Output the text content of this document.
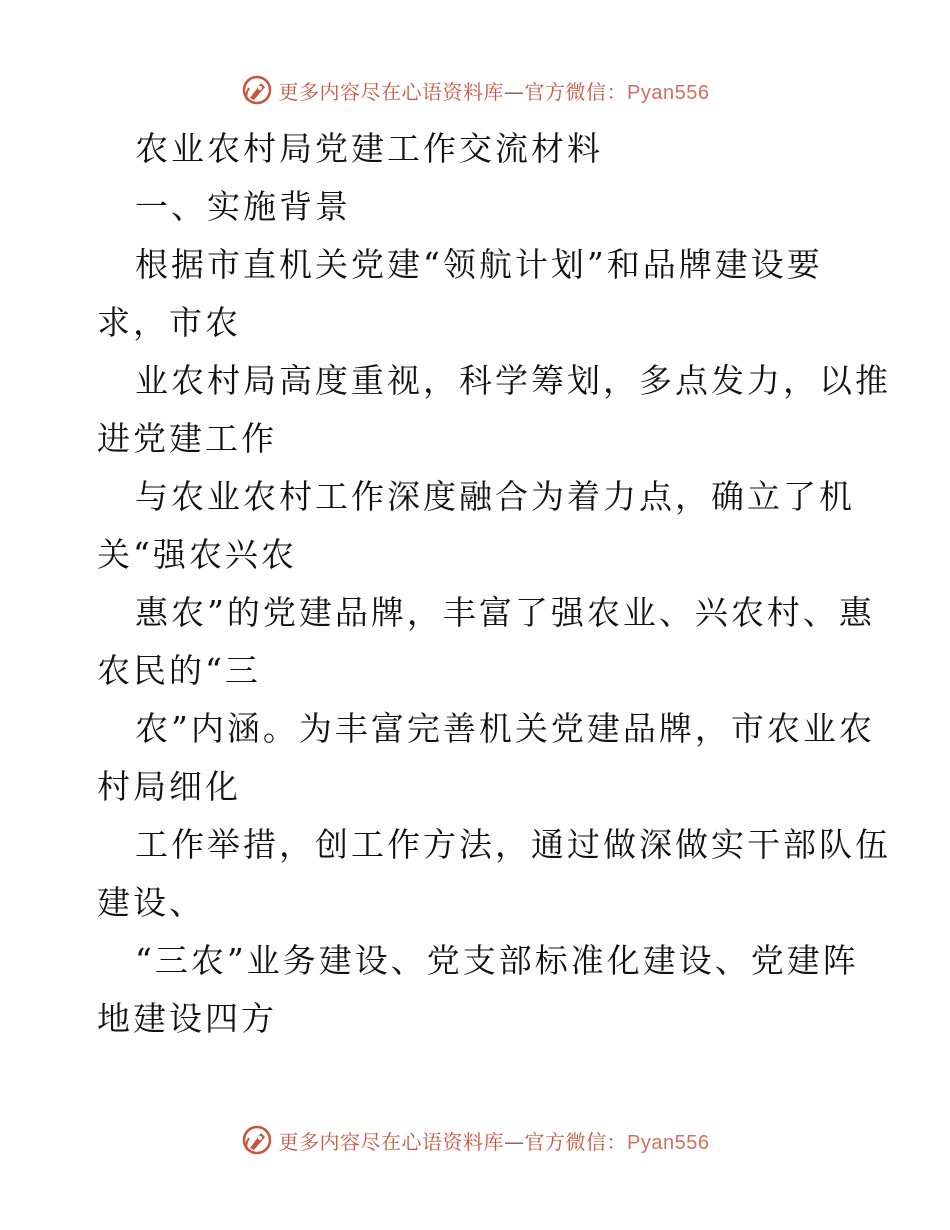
更多内容尽在心语资料库—官方微信：Pyan556
农业农村局党建工作交流材料
一、实施背景
根据市直机关党建“领航计划”和品牌建设要
求，市农
业农村局高度重视，科学筹划，多点发力，以推
进党建工作
与农业农村工作深度融合为着力点，确立了机
关“强农兴农
惠农”的党建品牌，丰富了强农业、兴农村、惠
农民的“三
农”内涵。为丰富完善机关党建品牌，市农业农
村局细化
工作举措，创工作方法，通过做深做实干部队伍
建设、
“三农”业务建设、党支部标准化建设、党建阵
地建设四方
更多内容尽在心语资料库—官方微信：Pyan556
